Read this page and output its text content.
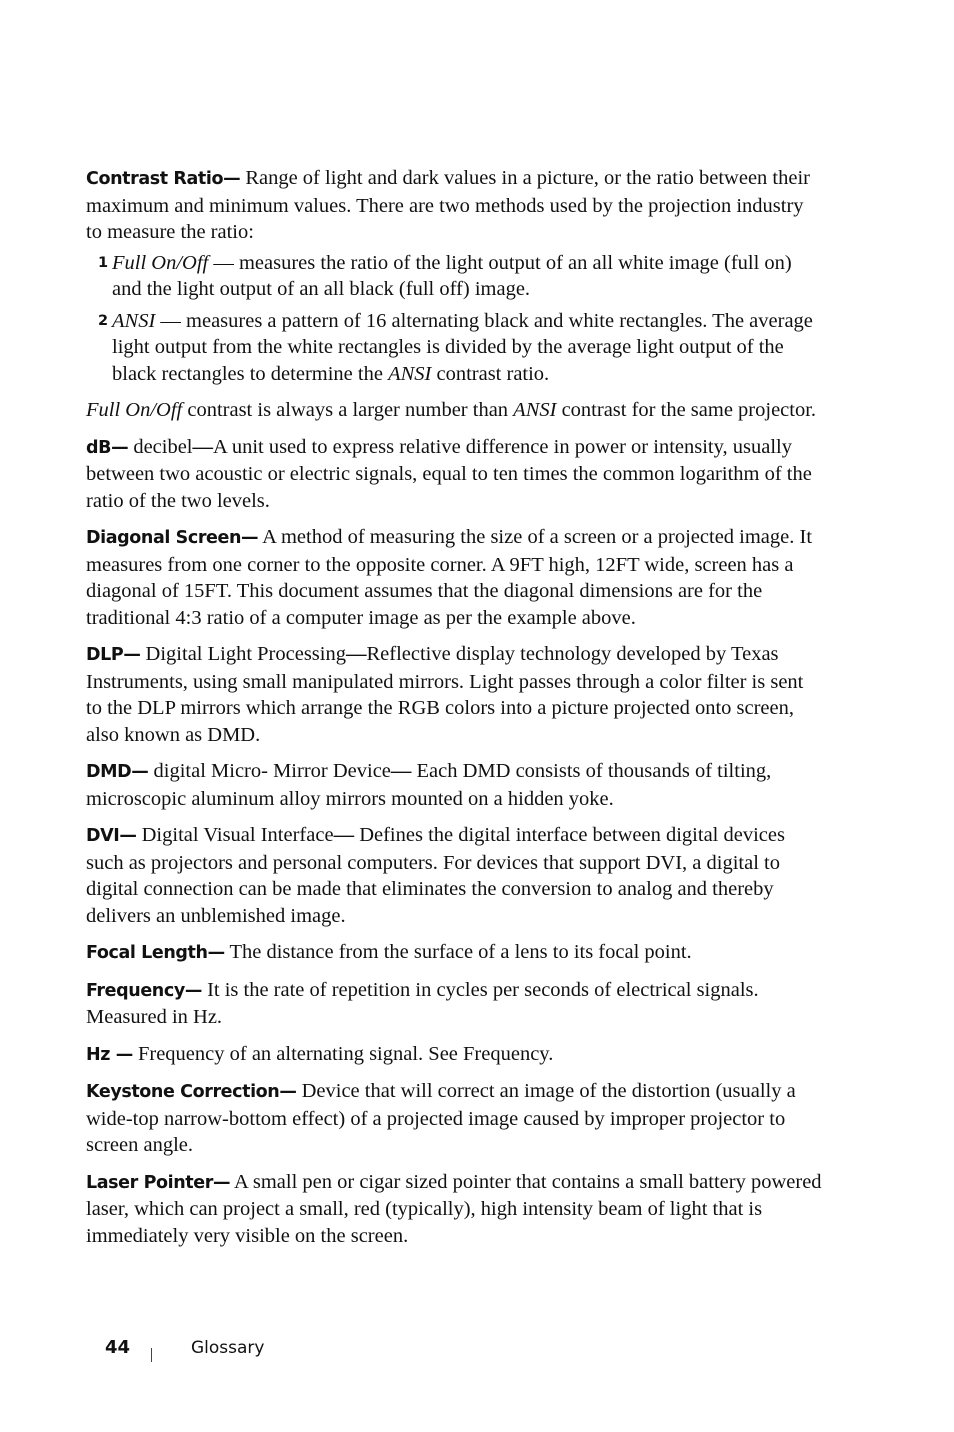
Contrast Ratio— Range of light and dark values in a picture, or the ratio between their maximum and minimum values. There are two methods used by the projection industry to measure the ratio:
1 Full On/Off — measures the ratio of the light output of an all white image (full on) and the light output of an all black (full off) image.
2 ANSI — measures a pattern of 16 alternating black and white rectangles. The average light output from the white rectangles is divided by the average light output of the black rectangles to determine the ANSI contrast ratio.
Full On/Off contrast is always a larger number than ANSI contrast for the same projector.
dB— decibel—A unit used to express relative difference in power or intensity, usually between two acoustic or electric signals, equal to ten times the common logarithm of the ratio of the two levels.
Diagonal Screen— A method of measuring the size of a screen or a projected image. It measures from one corner to the opposite corner. A 9FT high, 12FT wide, screen has a diagonal of 15FT. This document assumes that the diagonal dimensions are for the traditional 4:3 ratio of a computer image as per the example above.
DLP— Digital Light Processing—Reflective display technology developed by Texas Instruments, using small manipulated mirrors. Light passes through a color filter is sent to the DLP mirrors which arrange the RGB colors into a picture projected onto screen, also known as DMD.
DMD— digital Micro- Mirror Device— Each DMD consists of thousands of tilting, microscopic aluminum alloy mirrors mounted on a hidden yoke.
DVI— Digital Visual Interface— Defines the digital interface between digital devices such as projectors and personal computers. For devices that support DVI, a digital to digital connection can be made that eliminates the conversion to analog and thereby delivers an unblemished image.
Focal Length— The distance from the surface of a lens to its focal point.
Frequency— It is the rate of repetition in cycles per seconds of electrical signals. Measured in Hz.
Hz — Frequency of an alternating signal. See Frequency.
Keystone Correction— Device that will correct an image of the distortion (usually a wide-top narrow-bottom effect) of a projected image caused by improper projector to screen angle.
Laser Pointer— A small pen or cigar sized pointer that contains a small battery powered laser, which can project a small, red (typically), high intensity beam of light that is immediately very visible on the screen.
44	Glossary
